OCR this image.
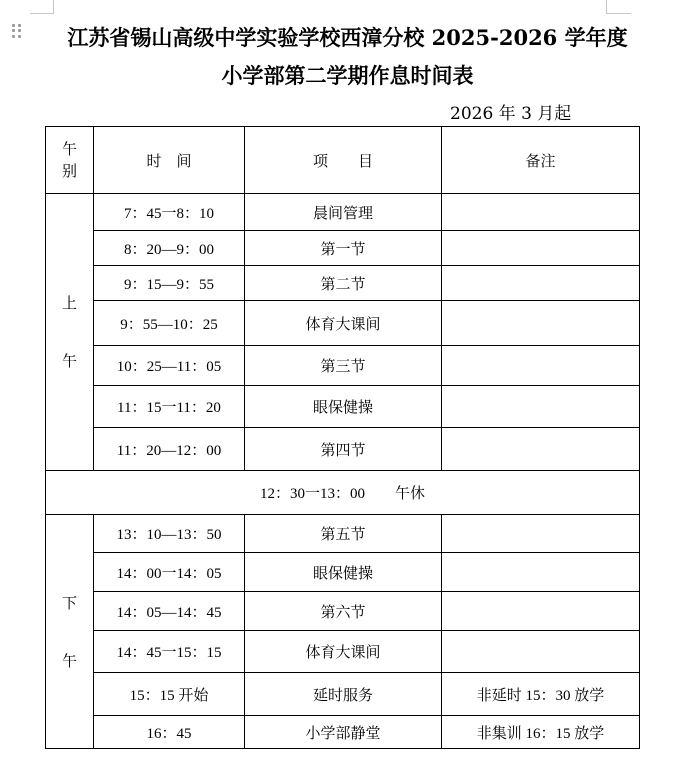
江苏省锡山高级中学实验学校西漳分校 2025-2026 学年度
小学部第二学期作息时间表
2026 年 3 月起
午
别	时　间	项　　目	备注

上
午	7：45一8：10	晨间管理	
	8：20—9：00	第一节	
	9：15—9：55	第二节	
	9：55—10：25	体育大课间	
	10：25—11：05	第三节	
	11：15一11：20	眼保健操	
	11：20—12：00	第四节	
12：30一13：00 午休			

下
午	13：10—13：50	第五节	
	14：00一14：05	眼保健操	
	14：05—14：45	第六节	
	14：45一15：15	体育大课间	
	15：15 开始	延时服务	非延时 15：30 放学
	16：45	小学部静堂	非集训 16：15 放学
